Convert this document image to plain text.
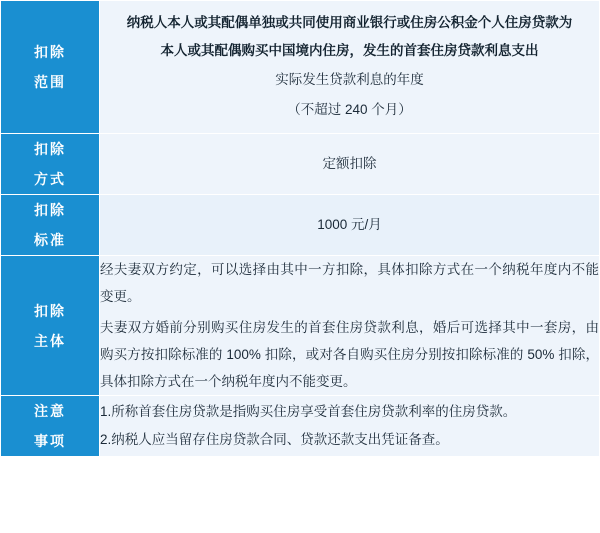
扣除
范围	纳税人本人或其配偶单独或共同使用商业银行或住房公积金个人住房贷款为
本人或其配偶购买中国境内住房，发生的首套住房贷款利息支出
实际发生贷款利息的年度
（不超过 240 个月）

扣除
方式	定额扣除

扣除
标准	1000 元/月

扣除
主体	经夫妻双方约定，可以选择由其中一方扣除，具体扣除方式在一个纳税年度内不能变更。
夫妻双方婚前分别购买住房发生的首套住房贷款利息，婚后可选择其中一套房，由购买方按扣除标准的 100% 扣除，或对各自购买住房分别按扣除标准的 50% 扣除，具体扣除方式在一个纳税年度内不能变更。

注意
事项	1.所称首套住房贷款是指购买住房享受首套住房贷款利率的住房贷款。
2.纳税人应当留存住房贷款合同、贷款还款支出凭证备查。
